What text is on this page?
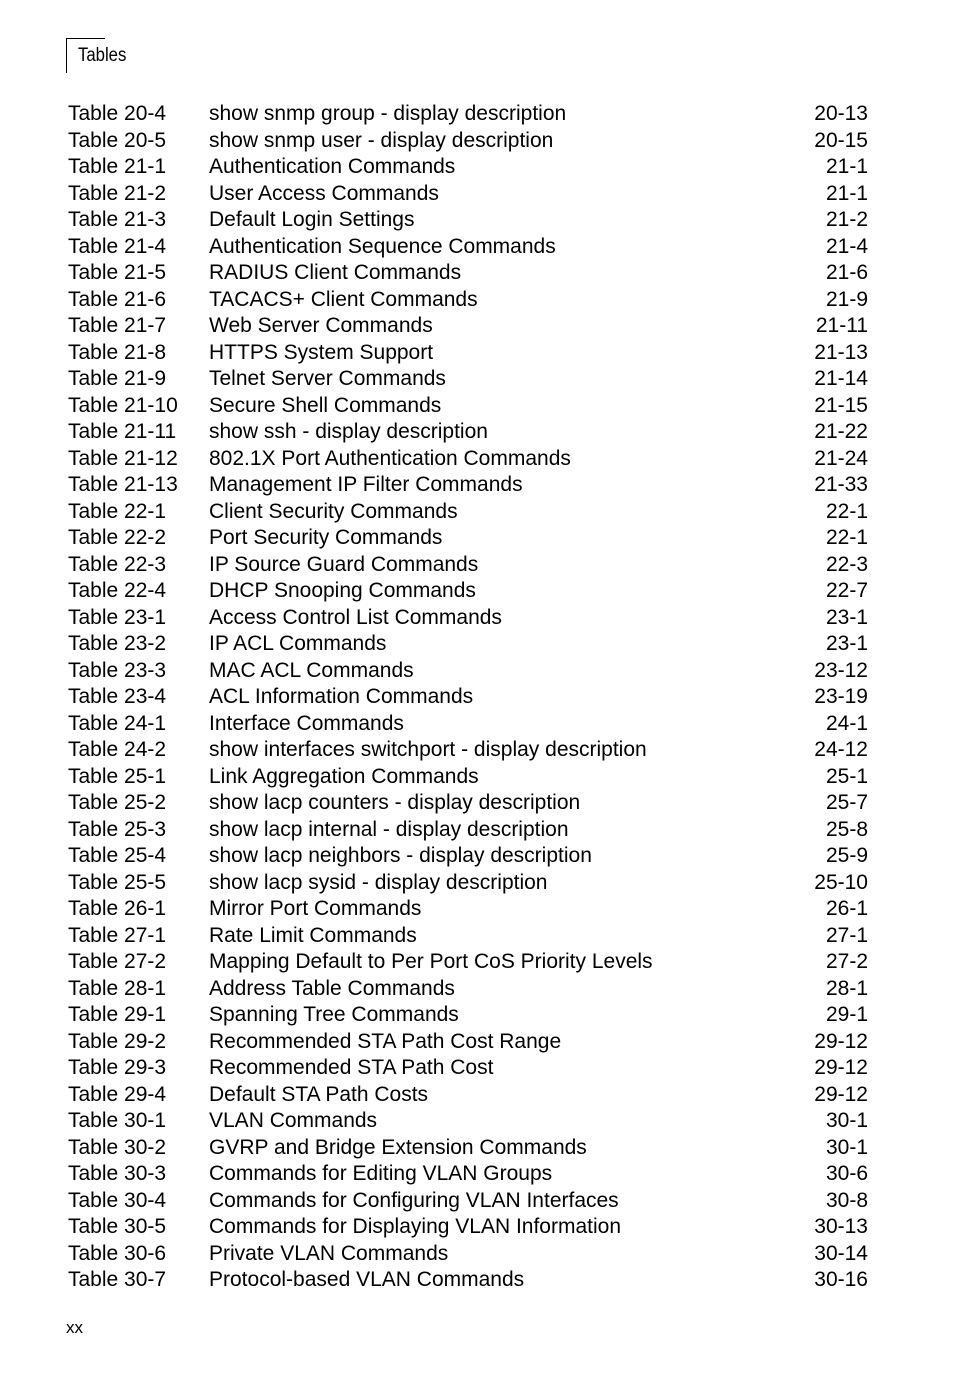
Tables
Table 20-4 show snmp group - display description	20-13
Table 20-5 show snmp user - display description	20-15
Table 21-1 Authentication Commands	21-1
Table 21-2 User Access Commands	21-1
Table 21-3 Default Login Settings	21-2
Table 21-4 Authentication Sequence Commands	21-4
Table 21-5 RADIUS Client Commands	21-6
Table 21-6 TACACS+ Client Commands	21-9
Table 21-7 Web Server Commands	21-11
Table 21-8 HTTPS System Support	21-13
Table 21-9 Telnet Server Commands	21-14
Table 21-10 Secure Shell Commands	21-15
Table 21-11 show ssh - display description	21-22
Table 21-12 802.1X Port Authentication Commands	21-24
Table 21-13 Management IP Filter Commands	21-33
Table 22-1 Client Security Commands	22-1
Table 22-2 Port Security Commands	22-1
Table 22-3 IP Source Guard Commands	22-3
Table 22-4 DHCP Snooping Commands	22-7
Table 23-1 Access Control List Commands	23-1
Table 23-2 IP ACL Commands	23-1
Table 23-3 MAC ACL Commands	23-12
Table 23-4 ACL Information Commands	23-19
Table 24-1 Interface Commands	24-1
Table 24-2 show interfaces switchport - display description	24-12
Table 25-1 Link Aggregation Commands	25-1
Table 25-2 show lacp counters - display description	25-7
Table 25-3 show lacp internal - display description	25-8
Table 25-4 show lacp neighbors - display description	25-9
Table 25-5 show lacp sysid - display description	25-10
Table 26-1 Mirror Port Commands	26-1
Table 27-1 Rate Limit Commands	27-1
Table 27-2 Mapping Default to Per Port CoS Priority Levels	27-2
Table 28-1 Address Table Commands	28-1
Table 29-1 Spanning Tree Commands	29-1
Table 29-2 Recommended STA Path Cost Range	29-12
Table 29-3 Recommended STA Path Cost	29-12
Table 29-4 Default STA Path Costs	29-12
Table 30-1 VLAN Commands	30-1
Table 30-2 GVRP and Bridge Extension Commands	30-1
Table 30-3 Commands for Editing VLAN Groups	30-6
Table 30-4 Commands for Configuring VLAN Interfaces	30-8
Table 30-5 Commands for Displaying VLAN Information	30-13
Table 30-6 Private VLAN Commands	30-14
Table 30-7 Protocol-based VLAN Commands	30-16
xx
